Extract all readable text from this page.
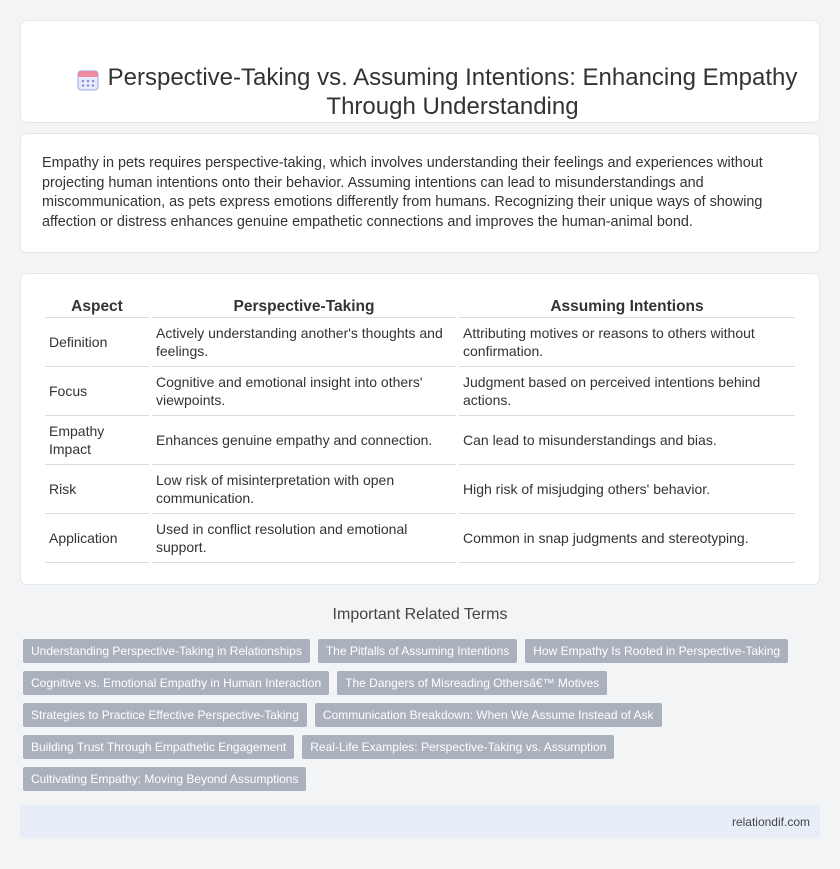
Perspective-Taking vs. Assuming Intentions: Enhancing Empathy Through Understanding

Empathy in pets requires perspective-taking, which involves understanding their feelings and experiences without projecting human intentions onto their behavior. Assuming intentions can lead to misunderstandings and miscommunication, as pets express emotions differently from humans. Recognizing their unique ways of showing affection or distress enhances genuine empathetic connections and improves the human-animal bond.

Aspect	Perspective-Taking	Assuming Intentions
Definition	Actively understanding another's thoughts and feelings.	Attributing motives or reasons to others without confirmation.
Focus	Cognitive and emotional insight into others' viewpoints.	Judgment based on perceived intentions behind actions.
Empathy Impact	Enhances genuine empathy and connection.	Can lead to misunderstandings and bias.
Risk	Low risk of misinterpretation with open communication.	High risk of misjudging others' behavior.
Application	Used in conflict resolution and emotional support.	Common in snap judgments and stereotyping.
Important Related Terms
Understanding Perspective-Taking in Relationships	The Pitfalls of Assuming Intentions	How Empathy Is Rooted in Perspective-Taking
Cognitive vs. Emotional Empathy in Human Interaction	The Dangers of Misreading Othersâ€™ Motives
Strategies to Practice Effective Perspective-Taking	Communication Breakdown: When We Assume Instead of Ask
Building Trust Through Empathetic Engagement	Real-Life Examples: Perspective-Taking vs. Assumption
Cultivating Empathy: Moving Beyond Assumptions
relationdif.com
